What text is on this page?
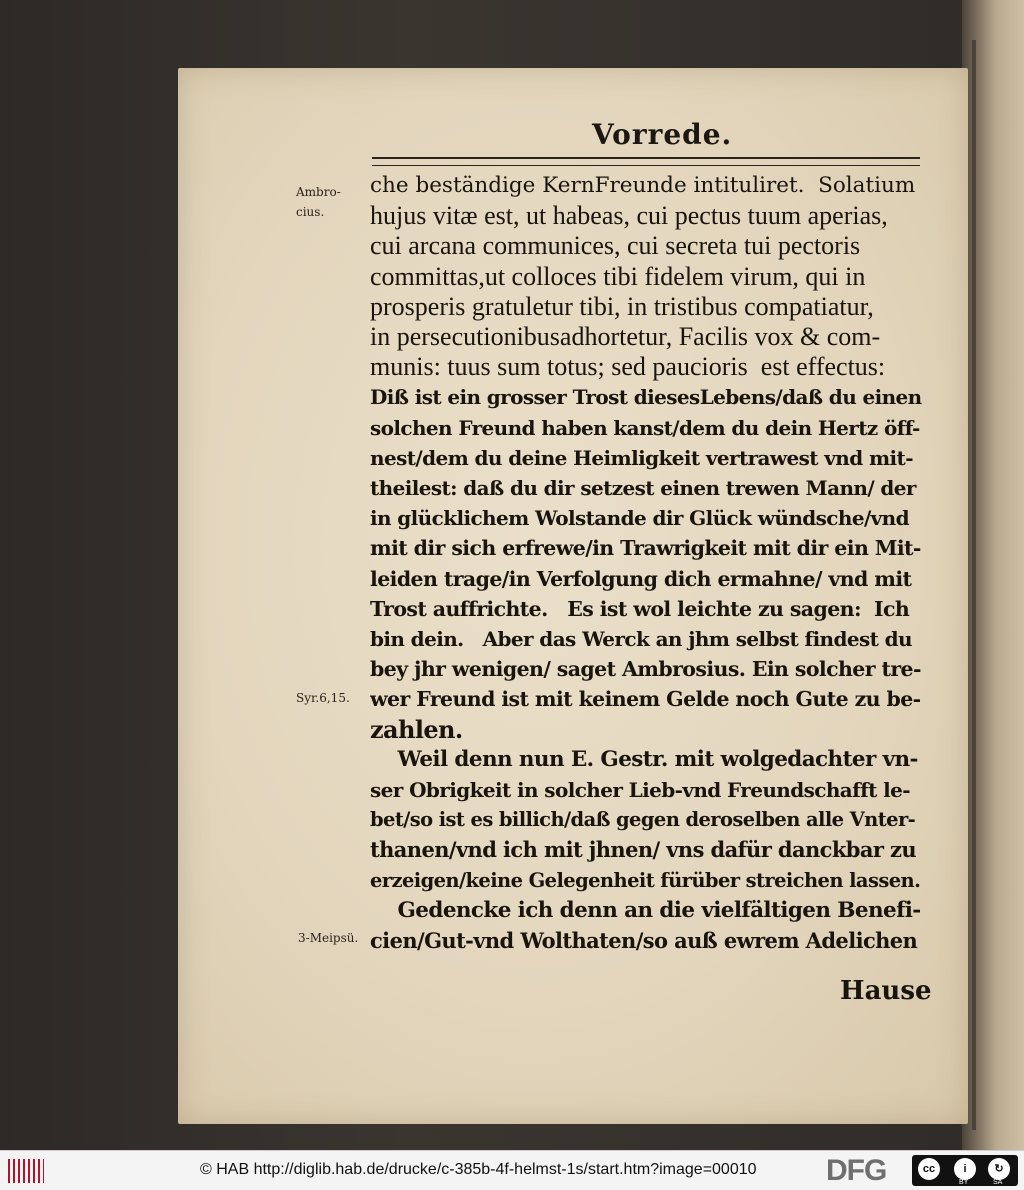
Vorrede.
Ambro-
cius.
Syr.6,15.
3-Meipsü.
che beständige KernFreunde intituliret.  Solatium
hujus vitæ est, ut habeas, cui pectus tuum aperias,
cui arcana communices, cui secreta tui pectoris
committas,ut colloces tibi fidelem virum, qui in
prosperis gratuletur tibi, in tristibus compatiatur,
in persecutionibusadhortetur, Facilis vox & com-
munis: tuus sum totus; sed paucioris  est effectus:
Diß ist ein grosser Trost diesesLebens/daß du einen
solchen Freund haben kanst/dem du dein Hertz öff-
nest/dem du deine Heimligkeit vertrawest vnd mit-
theilest: daß du dir setzest einen trewen Mann/ der
in glücklichem Wolstande dir Glück wündsche/vnd
mit dir sich erfrewe/in Trawrigkeit mit dir ein Mit-
leiden trage/in Verfolgung dich ermahne/ vnd mit
Trost auffrichte.   Es ist wol leichte zu sagen:  Ich
bin dein.   Aber das Werck an jhm selbst findest du
bey jhr wenigen/ saget Ambrosius. Ein solcher tre-
wer Freund ist mit keinem Gelde noch Gute zu be-
zahlen.
Weil denn nun E. Gestr. mit wolgedachter vn-
ser Obrigkeit in solcher Lieb-vnd Freundschafft le-
bet/so ist es billich/daß gegen deroselben alle Vnter-
thanen/vnd ich mit jhnen/ vns dafür danckbar zu
erzeigen/keine Gelegenheit fürüber streichen lassen.
Gedencke ich denn an die vielfältigen Benefi-
cien/Gut-vnd Wolthaten/so auß ewrem Adelichen
Hause
© HAB http://diglib.hab.de/drucke/c-385b-4f-helmst-1s/start.htm?image=00010 DFG	cc	i	↻
BY	SA
